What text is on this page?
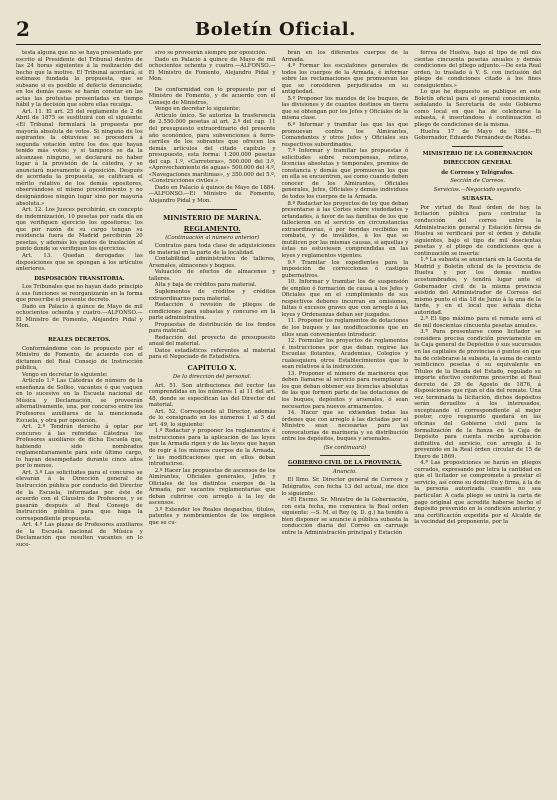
2	Boletín Oficial.

testa alguna que no se haya presentado por escrito al Presidente del Tribunal dentro de las 24 horas siguientes á la realización del hecho que la motive. El Tribunal acordará, si estimase fundada la propuesta, que se subsane si es posible el defecto denunciado; en los demás casos se harán constar en las actas las protestas presentadas en tiempo hábil y la decisión que sobre ellas recaiga.

Art. 11. El art. 25 del reglamento de 2 de Abril de 1875 se sustituirá con el siguiente: «El Tribunal formulará la propuesta por mayoría absoluta de votos. Si ninguno de los aspirantes la obtuviese se procederá á segunda votación entre los dos que hayan tenido más votos; y si tampoco se da la alcanzase ninguno, se declarará no haber lugar á la provisión de la cátedra, y se anunciará nuevamente á oposición. Después de acordada la propuesta, se calificará el mérito relativo de los demás opositores, observándose el mismo procedimiento y no designándose ningún lugar sino por mayoría absoluta.»

Art. 12. Los Jueces percibirán, en concepto de indemnización, 10 pesetas por cada día en que verifiquen ejercicio los opositores; los que por razón de su cargo tengan su residencia fuera de Madrid percibirán 20 pesetas, y además los gastos de traslación al punto donde se verifiquen los ejercicios.

Art. 13. Quedan derogadas las disposiciones que se opongan á los artículos anteriores.

DISPOSICIÓN TRANSITORIA.

Los Tribunales que no hayan dado principio á sus funciones se reorganizarán en la forma que prescribe el presente decreto.

Dado en Palacio á quince de Mayo de mil ochocientos ochenta y cuatro.—ALFONSO.—El Ministro de Fomento, Alejandro Pidal y Mon.

REALES DECRETOS.

Conformándome con lo propuesto por el Ministro de Fomento, de acuerdo con el dictamen del Real Consejo de Instrucción pública,

Vengo en decretar lo siguiente:

Artículo 1.º Las Cátedras de número de la enseñanza de Solfeo, vacantes ó que vaquen en lo sucesivo en la Escuela nacional de Música y Declamación, se proveerán alternativamente, una, por concurso entre los Profesores auxiliares de la mencionada Escuela, y otra por oposición.

Art. 2.º Tendrán derecho á optar por concurso á las referidas Cátedras los Profesores auxiliares de dicha Escuela que, habiendo sido nombrados reglamentariamente para este último cargo, lo hayan desempeñado durante cinco años por lo menos.

Art. 3.º Las solicitudes para el concurso se elevarán á la Dirección general de Instrucción pública por conducto del Director de la Escuela, informadas por éste de acuerdo con el Claustro de Profesores, y se pasarán después al Real Consejo de Instrucción pública para que haga la correspondiente propuesta.

Art. 4.º Las plazas de Profesores auxiliares de la Escuela nacional de Música y Declamación que resulten vacantes en lo suce-

sivo se proveerán siempre por oposición.

Dado en Palacio á quince de Mayo de mil ochocientos ochenta y cuatro.—ALFONSO.—El Ministro de Fomento, Alejandro Pidal y Mon.

De conformidad con lo propuesto por el Ministro de Fomento, y de acuerdo con el Consejo de Ministros,

Vengo en decretar lo siguiente:

Artículo único. Se autoriza la trasferencia de 2.550.000 pesetas al art. 2.º del cap. 11 del presupuesto extraordinario del presente año económico, para subvenciones á ferro-carriles de los sobrantes que ofrecen los demás artículos del citado capítulo y presupuesto, esta forma: 1.200.000 pesetas del cap. 1.º, «Carreteras», 500.000 del 3.º, «Aprovechamiento de aguas» 500.000 del 4.º, «Navegaciones marítimas», y 350.000 del 5.º, «Construcciones civiles.»

Dado en Palacio á quince de Mayo de 1884.—ALFONSO.—El Ministro de Fomento, Alejandro Pidal y Mon.

MINISTERIO DE MARINA.

REGLAMENTO.

(Continuación al número anterior)

Contratos para toda clase de adquisiciones de material en la parte de la localidad.

Contabilidad administrativa de talleres, Arsenales, almacenes y buques.

Valuación de efectos de almacenes y talleres.

Alta y baja de créditos para material.

Suplementos de créditos y créditos extraordinarios para material.

Redacción ó revisión de pliegos de condiciones para subastas y concurso en la parte administrativa.

Propuestas de distribución de los fondos para material.

Redacción del proyecto de presupuesto anual del material.

Datos estadísticos referentes al material para el Negociado de Estadística.

CAPÍTULO X.

De la dirección del personal.

Art. 51. Son atribuciones del rector las comprendidas en los números 1 al 11 del art. 48, donde se especifican las del Director del material.

Art. 52. Corresponde al Director, además de lo consignado en los números 1 al 5 del art. 49, lo siguiente:

1.º Redactar y proponer los reglamentos é instrucciones para la aplicación de las leyes que la Armada rigen y de las leyes que hayan de regir á los mismos cuerpos de la Armada, y las modificaciones que en ellos deban introducirse.

2.º Hacer las propuestas de ascensos de los Almirantes, Oficiales generales, Jefes y Oficiales de los distintos cuerpos de la Armada, por vacantes reglamentarias que deban cubrirse con arreglo á la ley de ascensos.

3.º Extender los Reales despachos, títulos, patentes y nombramientos de los empleos que se cu-

bran en los diferentes cuerpos de la Armada.

4.º Formar los escalafones generales de todos los cuerpos de la Armada, é informar sobre las reclamaciones que promuevan los que se consideren perjudicados en su antigüedad.

5.º Proponer los mandos de los buques, de las divisiones y de cuantos destinos en tierra que se obtengan por los Jefes y Oficiales de la misma clase.

6.º Informar y tramitar las que las que promuevan contra los Almirantes, Comandantes y otros Jefes y Oficiales sus respectivos subordinados.

7.º Informar y tramitar las propuestas ó solicitudes sobre recompensas, retiros, licencias absolutas y temporales, premios de constancia y demás que promuevan los que en ella se encuentren, así como cuando deben conocer de los Almirantes, Oficiales generales, Jefes, Oficiales y demás individuos de todos los cuerpos de la Armada.

8.º Redactar los proyectos de ley que deban presentarse á las Cortes sobre viudedades y orfandades, á favor de las familias de los que fallecieron en el servicio en circunstancias extraordinarias, ó por heridas recibidas en combate, y de inválidos, á los que se inutilicen por las mismas causas, si aquellas y éstas no estuviesen comprendidas en las leyes y reglamentos vigentes.

9.º Tramitar los expedientes para la imposición de correcciones ó castigos gubernativos.

10. Informar y tramitar los de suspensión de empleo ó formación de causa á los Jefes y Oficiales que en el cumplimiento de sus respectivos deberes incurran en omisiones, faltas ó excesos graves que con arreglo á las leyes y Ordenanzas deban ser juzgados.

11. Proponer los reglamentos de dotaciones de los buques y las modificaciones que en ellos sean convenientes introducir.

12. Formular los proyectos de reglamentos é instrucciones por que deban regirse las Escuelas flotantes, Academias, Colegios y cualesquiera otros Establecimientos que lo sean relativos á la instrucción.

13. Proponer el número de marineros que deben llamarse al servicio para reemplazar á los que deban obtener sus licencias absolutas de las que formen parte de las dotaciones de los buques, depósitos y arsenales, ó sean necesarios para nuevos armamentos.

14. Hacer que se extiendan todas las órdenes que con arreglo á las dictadas por el Ministro sean necesarias para las convocatorias de marinería y su distribución entre los depósitos, buques y arsenales.

(Se continuará)

GOBIERNO CIVIL DE LA PROVINCIA.

Anuncio.

El Ilmo. Sr. Director general de Correos y Telégrafos, con fecha 13 del actual, me dice lo siguiente:

«El Excmo. Sr. Ministro de la Gobernación, con esta fecha, me comunica la Real orden siguiente: —S. M. el Rey (q. D. g.) ha tenido á bien disponer se anuncie á pública subasta la conducción diaria del Correo en carruaje entre la Administración principal y Estación

férrea de Huelva, bajo el tipo de mil dos cientas cincuenta pesetas anuales y demás condiciones del pliego adjunto.—De esta Real orden, lo traslado á V. S. con inclusión del pliego de condiciones citado á los fines consiguientes.»

Lo que he dispuesto se publique en este Boletín oficial para el general conocimiento, señalando la Secretaría de este Gobierno como local en que ha de celebrarse la subasta, é insertándose á continuación el pliego de condiciones de la misma.

Huelva 17 de Mayo de 1884.—El Gobernador, Eduardo Fernández de Rodas.

MINISTERIO DE LA GOBERNACION

DIRECCION GENERAL

de Correos y Telégrafos.

Sección de Correos.

Servicios.—Negociado segundo.

SUBASTA.

Por virtud de Real órden de hoy, la licitación pública para contratar la conducción del correo entre la Administración general y Estación férrea de Huelva se verificará por el órden y detalle siguientes, bajo el tipo de mil doscientas pesetas y el pliego de condiciones que á continuación se inserta:

1.ª La subasta se anunciará en la Gaceta de Madrid y Boletín oficial de la provincia de Huelva y por los demás medios acostumbrados, y tendrá lugar ante el Gobernador civil de la misma provincia asistido del Administrador de Correos del mismo punto el día 18 de Junio á la una de la tarde, y en el local que señala dicha autoridad.

2.ª El tipo máximo para el remate será el de mil doscientas cincuenta pesetas anuales.

3.ª Para presentarse como licitador se considera precisa condición previamente en la Caja general de Depósitos ó sus sucursales en las capitales de provincias ó puntos en que ha de celebrarse la subasta, la suma de ciento veinticinco pesetas ó su equivalente en Títulos de la Deuda del Estado, regulado su importe efectivo conforme prescribe el Real decreto de 29 de Agosto de 1876, á disposiciones que rijan el día del remate. Una vez terminada la licitación, dichos depósitos serán devueltos á los interesados, exceptuando el correspondiente al mejor postor, cuyo resguardo quedará en las oficinas del Gobierno civil para la formalización de la fianza en la Caja de Depósito para cuenta recibo aprobación definitiva del servicio, con arreglo á lo prevenido en la Real órden circular de 15 de Enero de 1869.

4.ª Las proposiciones se harán en pliegos cerrados, expresando por letra la cantidad en que el licitador se compromete á prestar el servicio, así como su domicilio y firma, á la de la persona autorizada cuando no sea particular. A cada pliego se unirá la carta de pago original que acredite haberse hecho el depósito prevenido en la condición anterior, y una certificación expedida por el Alcalde de la vecindad del proponente, por la
